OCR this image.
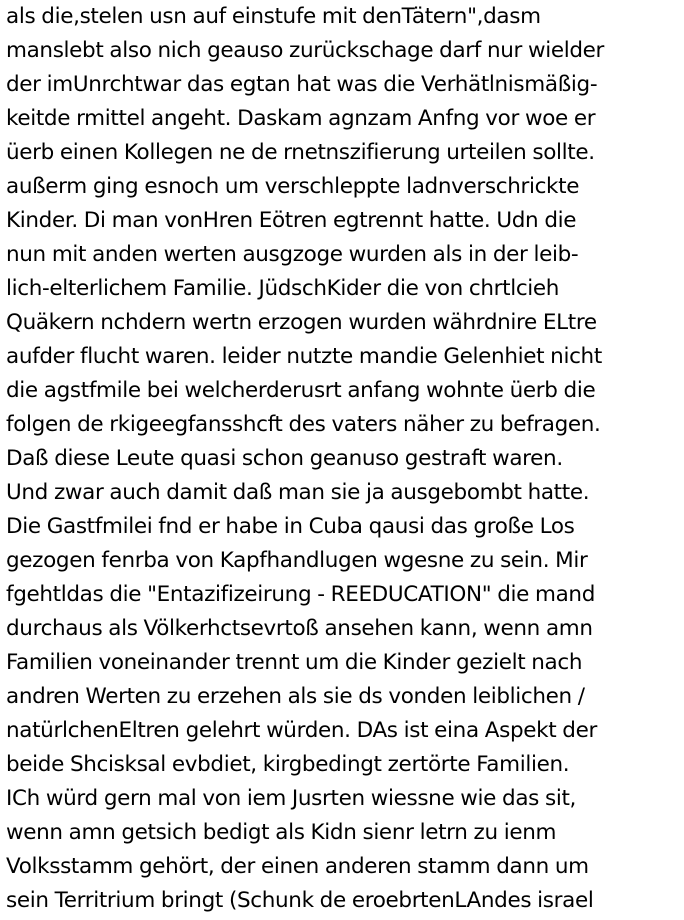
als die,stelen usn auf einstufe mit denTätern",dasm
manslebt also nich geauso zurückschage darf nur wielder
der imUnrchtwar das egtan hat was die Verhätlnismäßig-
keitde rmittel angeht. Daskam agnzam Anfng vor woe er
üerb einen Kollegen ne de rnetnszifierung urteilen sollte.
außerm ging esnoch um verschleppte ladnverschrickte
Kinder. Di man vonHren Eötren egtrennt hatte. Udn die
nun mit anden werten ausgzoge wurden als in der leib-
lich-elterlichem Familie. JüdschKider die von chrtlcieh
Quäkern nchdern wertn erzogen wurden währdnire ELtre
aufder flucht waren. leider nutzte mandie Gelenhiet nicht
die agstfmile bei welcherderusrt anfang wohnte üerb die
folgen de rkigeegfansshcft des vaters näher zu befragen.
Daß diese Leute quasi schon geanuso gestraft waren.
Und zwar auch damit daß man sie ja ausgebombt hatte.
Die Gastfmilei fnd er habe in Cuba qausi das große Los
gezogen fenrba von Kapfhandlugen wgesne zu sein. Mir
fgehtldas die "Entazifizeirung - REEDUCATION" die mand
durchaus als Völkerhctsevrtoß ansehen kann, wenn amn
Familien voneinander trennt um die Kinder gezielt nach
andren Werten zu erzehen als sie ds vonden leiblichen /
natürlchenEltren gelehrt würden. DAs ist eina Aspekt der
beide Shcisksal evbdiet, kirgbedingt zertörte Familien.
ICh würd gern mal von iem Jusrten wiessne wie das sit,
wenn amn getsich bedigt als Kidn sienr letrn zu ienm
Volksstamm gehört, der einen anderen stamm dann um
sein Territrium bringt (Schunk de eroebrtenLAndes israel
